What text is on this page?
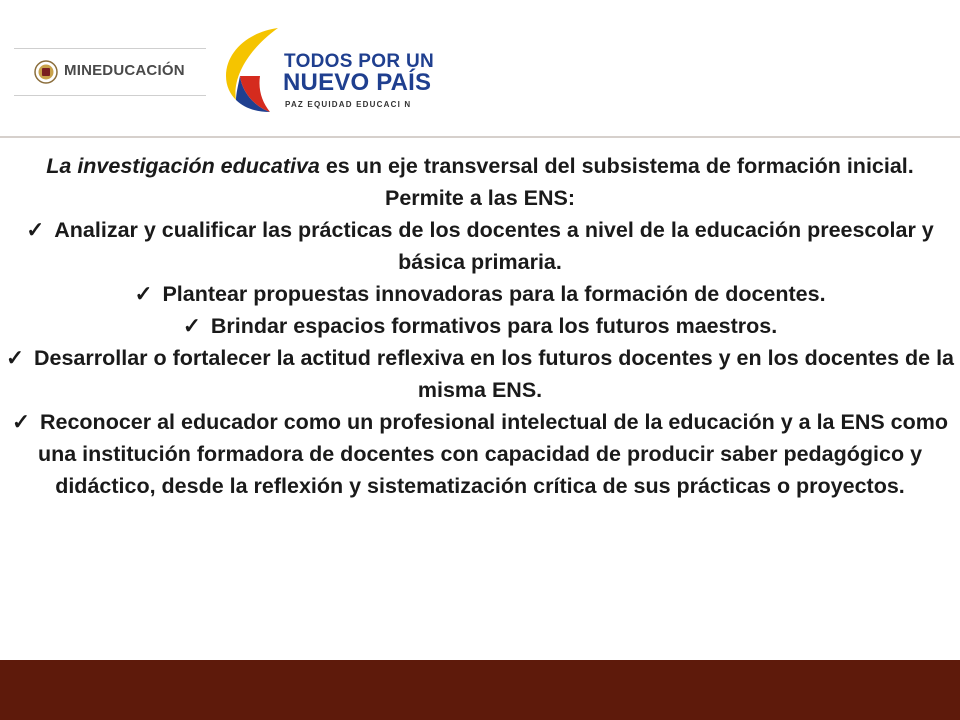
MINEDUCACIÓN	TODOS POR UN
NUEVO PAÍS
PAZ EQUIDAD EDUCACI N

La investigación educativa es un eje transversal del subsistema de formación inicial.

Permite a las ENS:

✓ Analizar y cualificar las prácticas de los docentes a nivel de la educación preescolar y básica primaria.
✓ Plantear propuestas innovadoras para la formación de docentes.
✓ Brindar espacios formativos para los futuros maestros.
✓ Desarrollar o fortalecer la actitud reflexiva en los futuros docentes y en los docentes de la misma ENS.
✓ Reconocer al educador como un profesional intelectual de la educación y a la ENS como una institución formadora de docentes con capacidad de producir saber pedagógico y didáctico, desde la reflexión y sistematización crítica de sus prácticas o proyectos.
